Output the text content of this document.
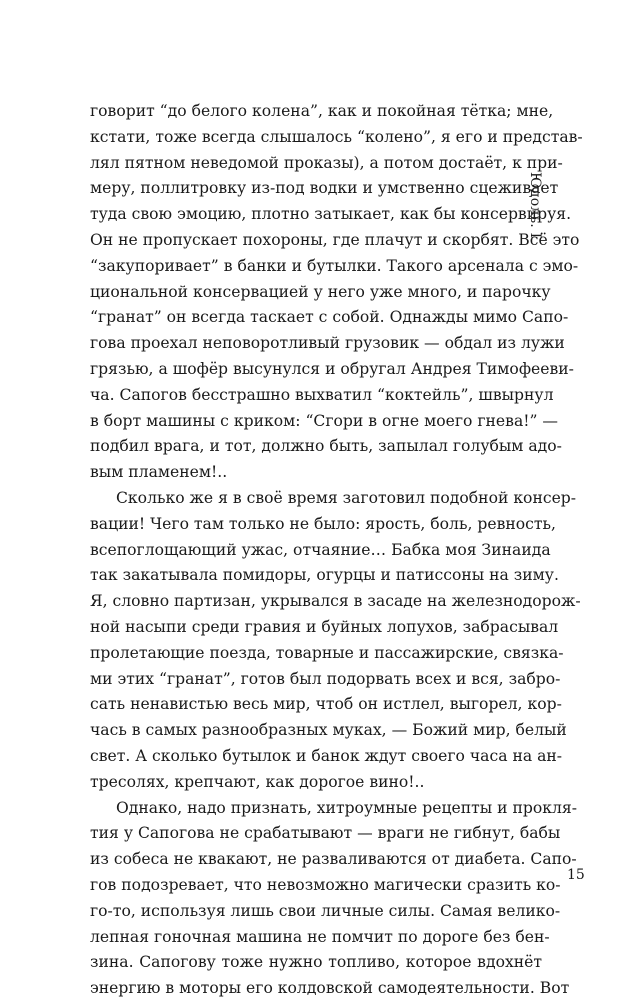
Юдоль. I
говорит “до белого колена”, как и покойная тётка; мне,
кстати, тоже всегда слышалось “колено”, я его и представ-
лял пятном неведомой проказы), а потом достаёт, к при-
меру, поллитровку из-под водки и умственно сцеживает
туда свою эмоцию, плотно затыкает, как бы консервируя.
Он не пропускает похороны, где плачут и скорбят. Всё это
“закупоривает” в банки и бутылки. Такого арсенала с эмо-
циональной консервацией у него уже много, и парочку
“гранат” он всегда таскает с собой. Однажды мимо Сапо-
гова проехал неповоротливый грузовик — обдал из лужи
грязью, а шофёр высунулся и обругал Андрея Тимофееви-
ча. Сапогов бесстрашно выхватил “коктейль”, швырнул
в борт машины с криком: “Сгори в огне моего гнева!” —
подбил врага, и тот, должно быть, запылал голубым адо-
вым пламенем!..
Сколько же я в своё время заготовил подобной консер-
вации! Чего там только не было: ярость, боль, ревность,
всепоглощающий ужас, отчаяние… Бабка моя Зинаида
так закатывала помидоры, огурцы и патиссоны на зиму.
Я, словно партизан, укрывался в засаде на железнодорож-
ной насыпи среди гравия и буйных лопухов, забрасывал
пролетающие поезда, товарные и пассажирские, связка-
ми этих “гранат”, готов был подорвать всех и вся, забро-
сать ненавистью весь мир, чтоб он истлел, выгорел, кор-
чась в самых разнообразных муках, — Божий мир, белый
свет. А сколько бутылок и банок ждут своего часа на ан-
тресолях, крепчают, как дорогое вино!..
Однако, надо признать, хитроумные рецепты и прокля-
тия у Сапогова не срабатывают — враги не гибнут, бабы
из собеса не квакают, не разваливаются от диабета. Сапо-
гов подозревает, что невозможно магически сразить ко-
го-то, используя лишь свои личные силы. Самая велико-
лепная гоночная машина не помчит по дороге без бен-
зина. Сапогову тоже нужно топливо, которое вдохнёт
энергию в моторы его колдовской самодеятельности. Вот
15
